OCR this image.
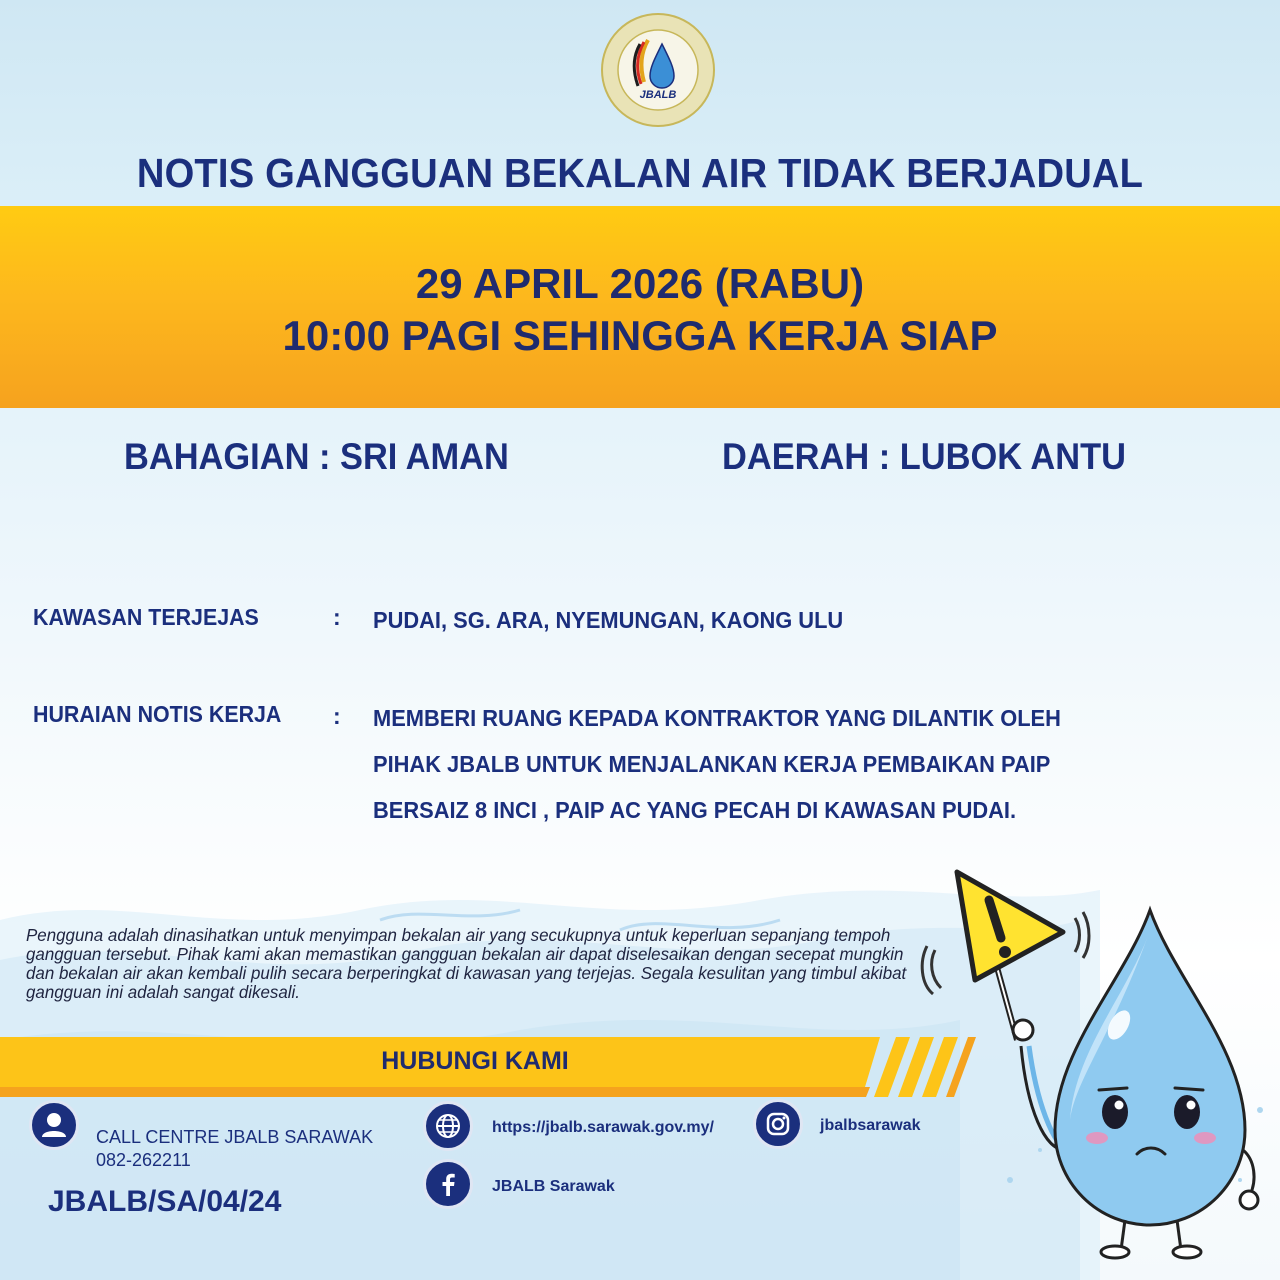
JBALB
NOTIS GANGGUAN BEKALAN AIR TIDAK BERJADUAL
29 APRIL 2026 (RABU)
10:00 PAGI SEHINGGA KERJA SIAP
BAHAGIAN : SRI AMAN	DAERAH : LUBOK ANTU
KAWASAN TERJEJAS	: PUDAI, SG. ARA, NYEMUNGAN, KAONG ULU
HURAIAN NOTIS KERJA : MEMBERI RUANG KEPADA KONTRAKTOR YANG DILANTIK OLEH
PIHAK JBALB UNTUK MENJALANKAN KERJA PEMBAIKAN PAIP
BERSAIZ 8 INCI , PAIP AC YANG PECAH DI KAWASAN PUDAI.
Pengguna adalah dinasihatkan untuk menyimpan bekalan air yang secukupnya untuk keperluan sepanjang tempoh gangguan tersebut. Pihak kami akan memastikan gangguan bekalan air dapat diselesaikan dengan secepat mungkin dan bekalan air akan kembali pulih secara berperingkat di kawasan yang terjejas. Segala kesulitan yang timbul akibat gangguan ini adalah sangat dikesali.
HUBUNGI KAMI
CALL CENTRE JBALB SARAWAK
082-262211
https://jbalb.sarawak.gov.my/	jbalbsarawak
JBALB Sarawak
JBALB/SA/04/24
